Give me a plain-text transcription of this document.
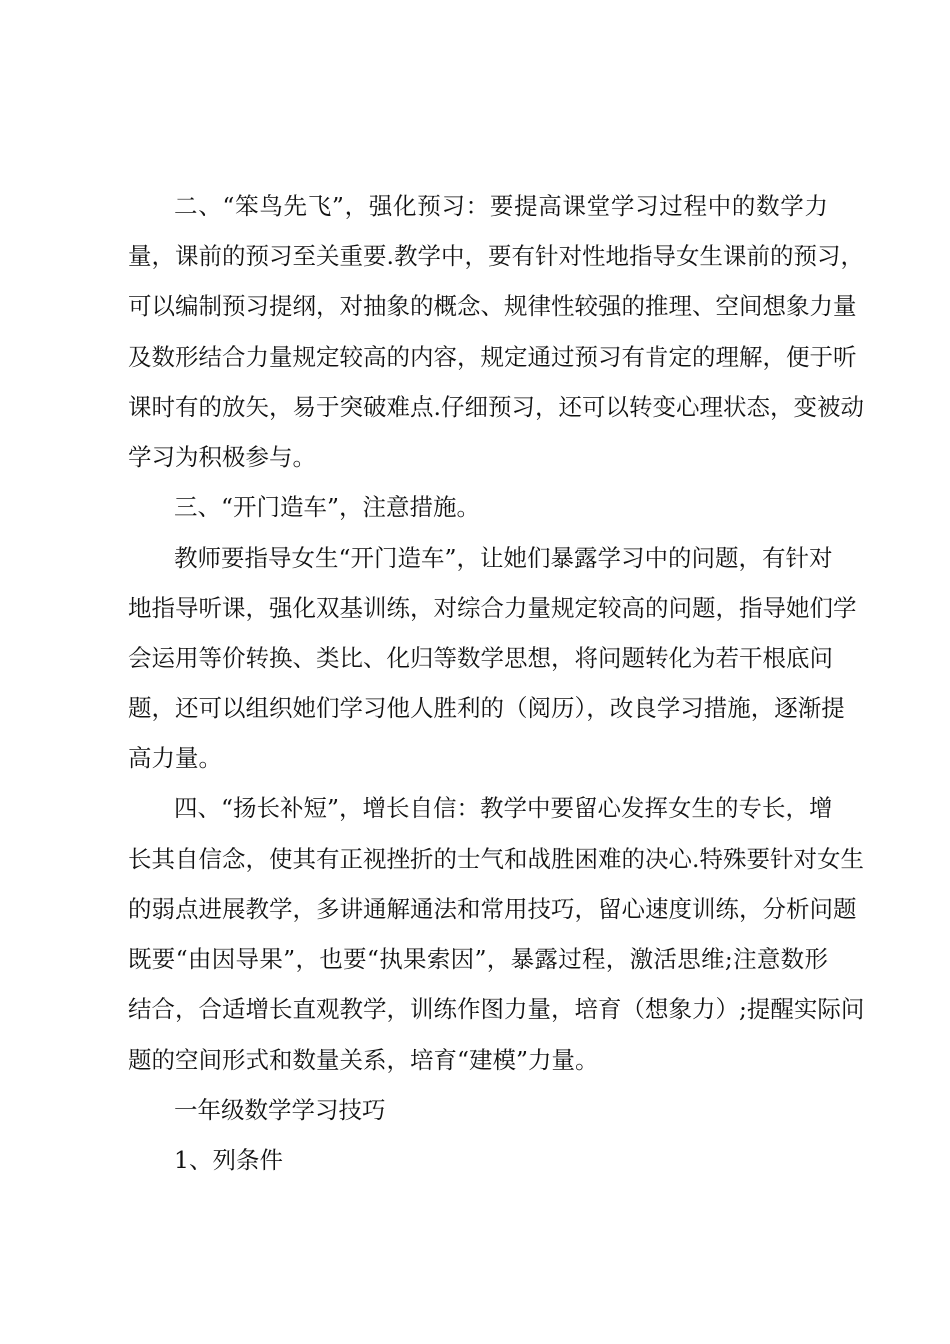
二、“笨鸟先飞”，强化预习：要提高课堂学习过程中的数学力
量，课前的预习至关重要.教学中，要有针对性地指导女生课前的预习，
可以编制预习提纲，对抽象的概念、规律性较强的推理、空间想象力量
及数形结合力量规定较高的内容，规定通过预习有肯定的理解，便于听
课时有的放矢，易于突破难点.仔细预习，还可以转变心理状态，变被动
学习为积极参与。
三、“开门造车”，注意措施。
教师要指导女生“开门造车”，让她们暴露学习中的问题，有针对
地指导听课，强化双基训练，对综合力量规定较高的问题，指导她们学
会运用等价转换、类比、化归等数学思想，将问题转化为若干根底问
题，还可以组织她们学习他人胜利的（阅历），改良学习措施，逐渐提
高力量。
四、“扬长补短”，增长自信：教学中要留心发挥女生的专长，增
长其自信念，使其有正视挫折的士气和战胜困难的决心.特殊要针对女生
的弱点进展教学，多讲通解通法和常用技巧，留心速度训练，分析问题
既要“由因导果”，也要“执果索因”，暴露过程，激活思维;注意数形
结合，合适增长直观教学，训练作图力量，培育（想象力）;提醒实际问
题的空间形式和数量关系，培育“建模”力量。
一年级数学学习技巧
1、列条件
